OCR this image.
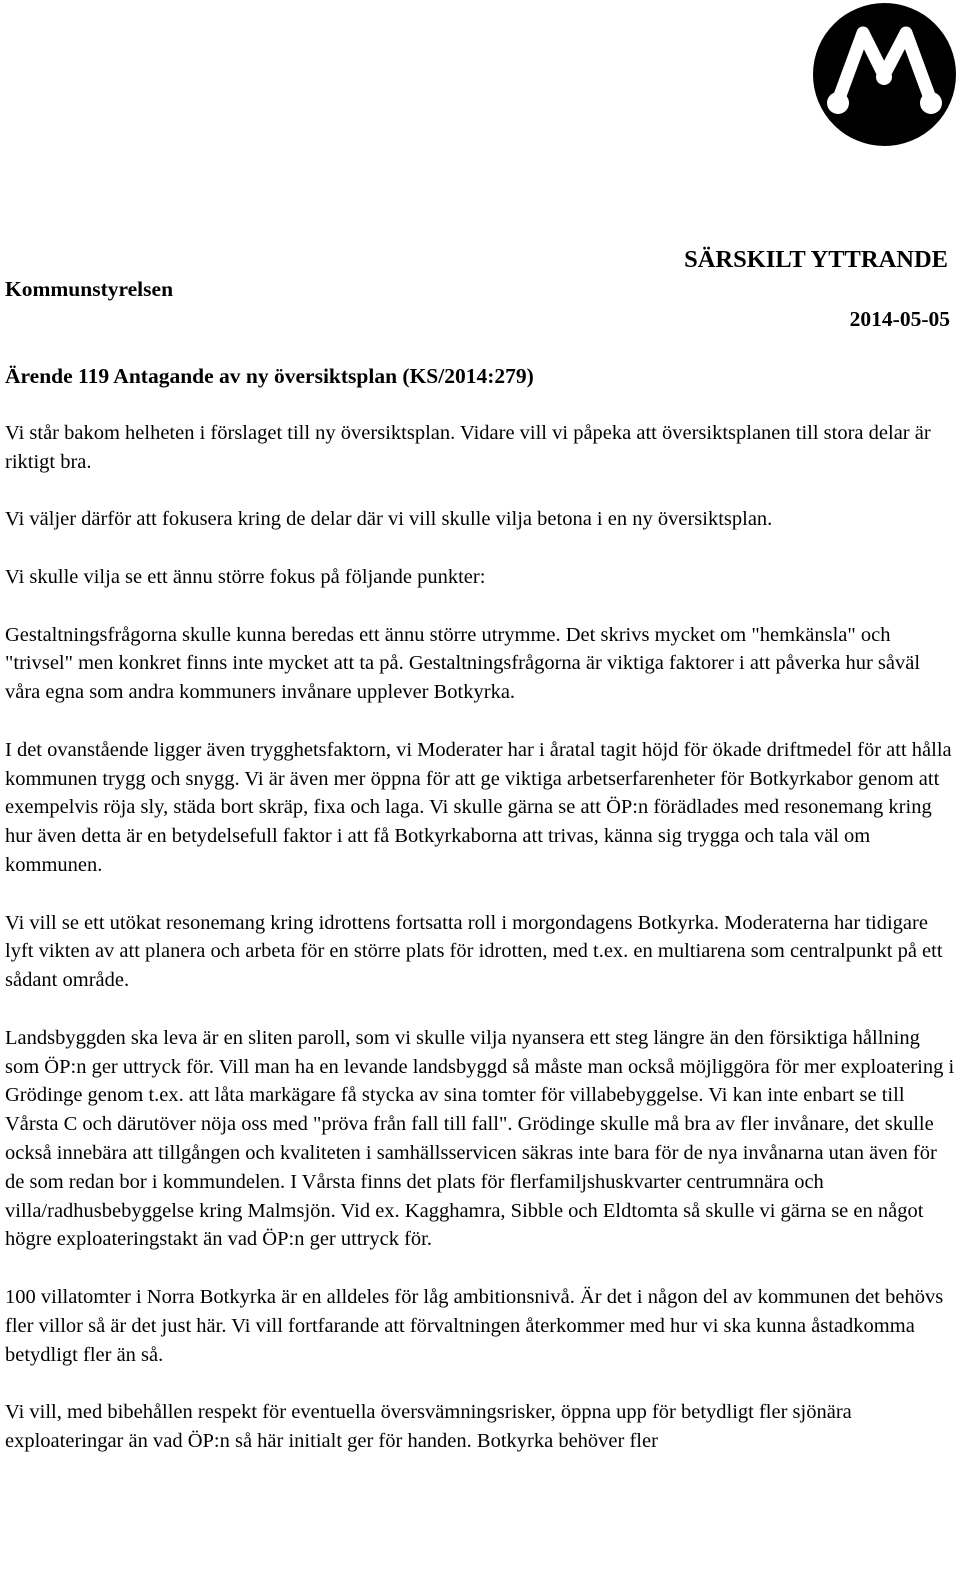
Kommunstyrelsen
SÄRSKILT YTTRANDE
2014-05-05
Ärende 119 Antagande av ny översiktsplan (KS/2014:279)

Vi står bakom helheten i förslaget till ny översiktsplan. Vidare vill vi påpeka att översiktsplanen till stora delar är riktigt bra.

Vi väljer därför att fokusera kring de delar där vi vill skulle vilja betona i en ny översiktsplan.

Vi skulle vilja se ett ännu större fokus på följande punkter:

Gestaltningsfrågorna skulle kunna beredas ett ännu större utrymme. Det skrivs mycket om "hemkänsla" och "trivsel" men konkret finns inte mycket att ta på. Gestaltningsfrågorna är viktiga faktorer i att påverka hur såväl våra egna som andra kommuners invånare upplever Botkyrka.

I det ovanstående ligger även trygghetsfaktorn, vi Moderater har i åratal tagit höjd för ökade driftmedel för att hålla kommunen trygg och snygg. Vi är även mer öppna för att ge viktiga arbetserfarenheter för Botkyrkabor genom att exempelvis röja sly, städa bort skräp, fixa och laga. Vi skulle gärna se att ÖP:n förädlades med resonemang kring hur även detta är en betydelsefull faktor i att få Botkyrkaborna att trivas, känna sig trygga och tala väl om kommunen.

Vi vill se ett utökat resonemang kring idrottens fortsatta roll i morgondagens Botkyrka. Moderaterna har tidigare lyft vikten av att planera och arbeta för en större plats för idrotten, med t.ex. en multiarena som centralpunkt på ett sådant område.

Landsbyggden ska leva är en sliten paroll, som vi skulle vilja nyansera ett steg längre än den försiktiga hållning som ÖP:n ger uttryck för. Vill man ha en levande landsbyggd så måste man också möjliggöra för mer exploatering i Grödinge genom t.ex. att låta markägare få stycka av sina tomter för villabebyggelse. Vi kan inte enbart se till Vårsta C och därutöver nöja oss med "pröva från fall till fall". Grödinge skulle må bra av fler invånare, det skulle också innebära att tillgången och kvaliteten i samhällsservicen säkras inte bara för de nya invånarna utan även för de som redan bor i kommundelen. I Vårsta finns det plats för flerfamiljshuskvarter centrumnära och villa/radhusbebyggelse kring Malmsjön. Vid ex. Kagghamra, Sibble och Eldtomta så skulle vi gärna se en något högre exploateringstakt än vad ÖP:n ger uttryck för.

100 villatomter i Norra Botkyrka är en alldeles för låg ambitionsnivå. Är det i någon del av kommunen det behövs fler villor så är det just här. Vi vill fortfarande att förvaltningen återkommer med hur vi ska kunna åstadkomma betydligt fler än så.

Vi vill, med bibehållen respekt för eventuella översvämningsrisker, öppna upp för betydligt fler sjönära exploateringar än vad ÖP:n så här initialt ger för handen. Botkyrka behöver fler
